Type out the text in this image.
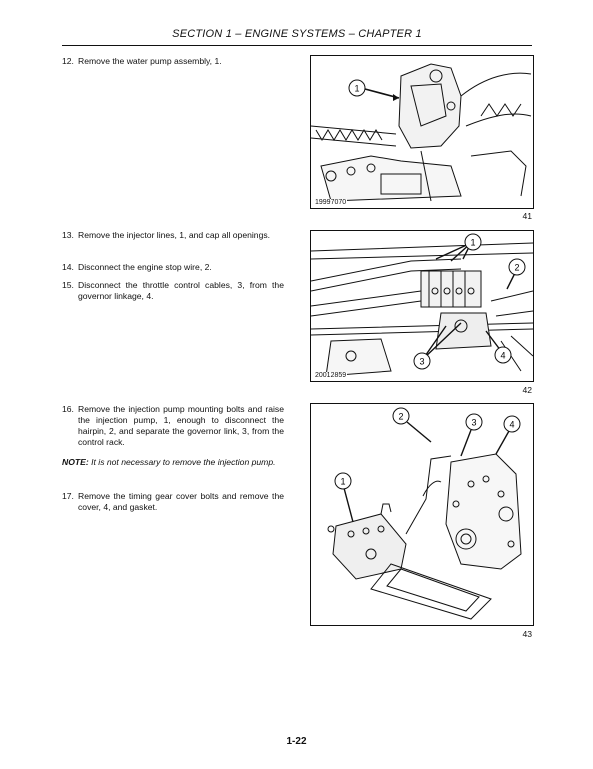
SECTION 1 – ENGINE SYSTEMS – CHAPTER 1
12. Remove the water pump assembly, 1.
13. Remove the injector lines, 1, and cap all openings.
14. Disconnect the engine stop wire, 2.
15. Disconnect the throttle control cables, 3, from the governor linkage, 4.
16. Remove the injection pump mounting bolts and raise the injection pump, 1, enough to disconnect the hairpin, 2, and separate the governor link, 3, from the control rack.
NOTE: It is not necessary to remove the injection pump.
17. Remove the timing gear cover bolts and remove the cover, 4, and gasket.
1
19997070
41
1
2
3
4
20012859
42
1
2
3	4
43
1-22
